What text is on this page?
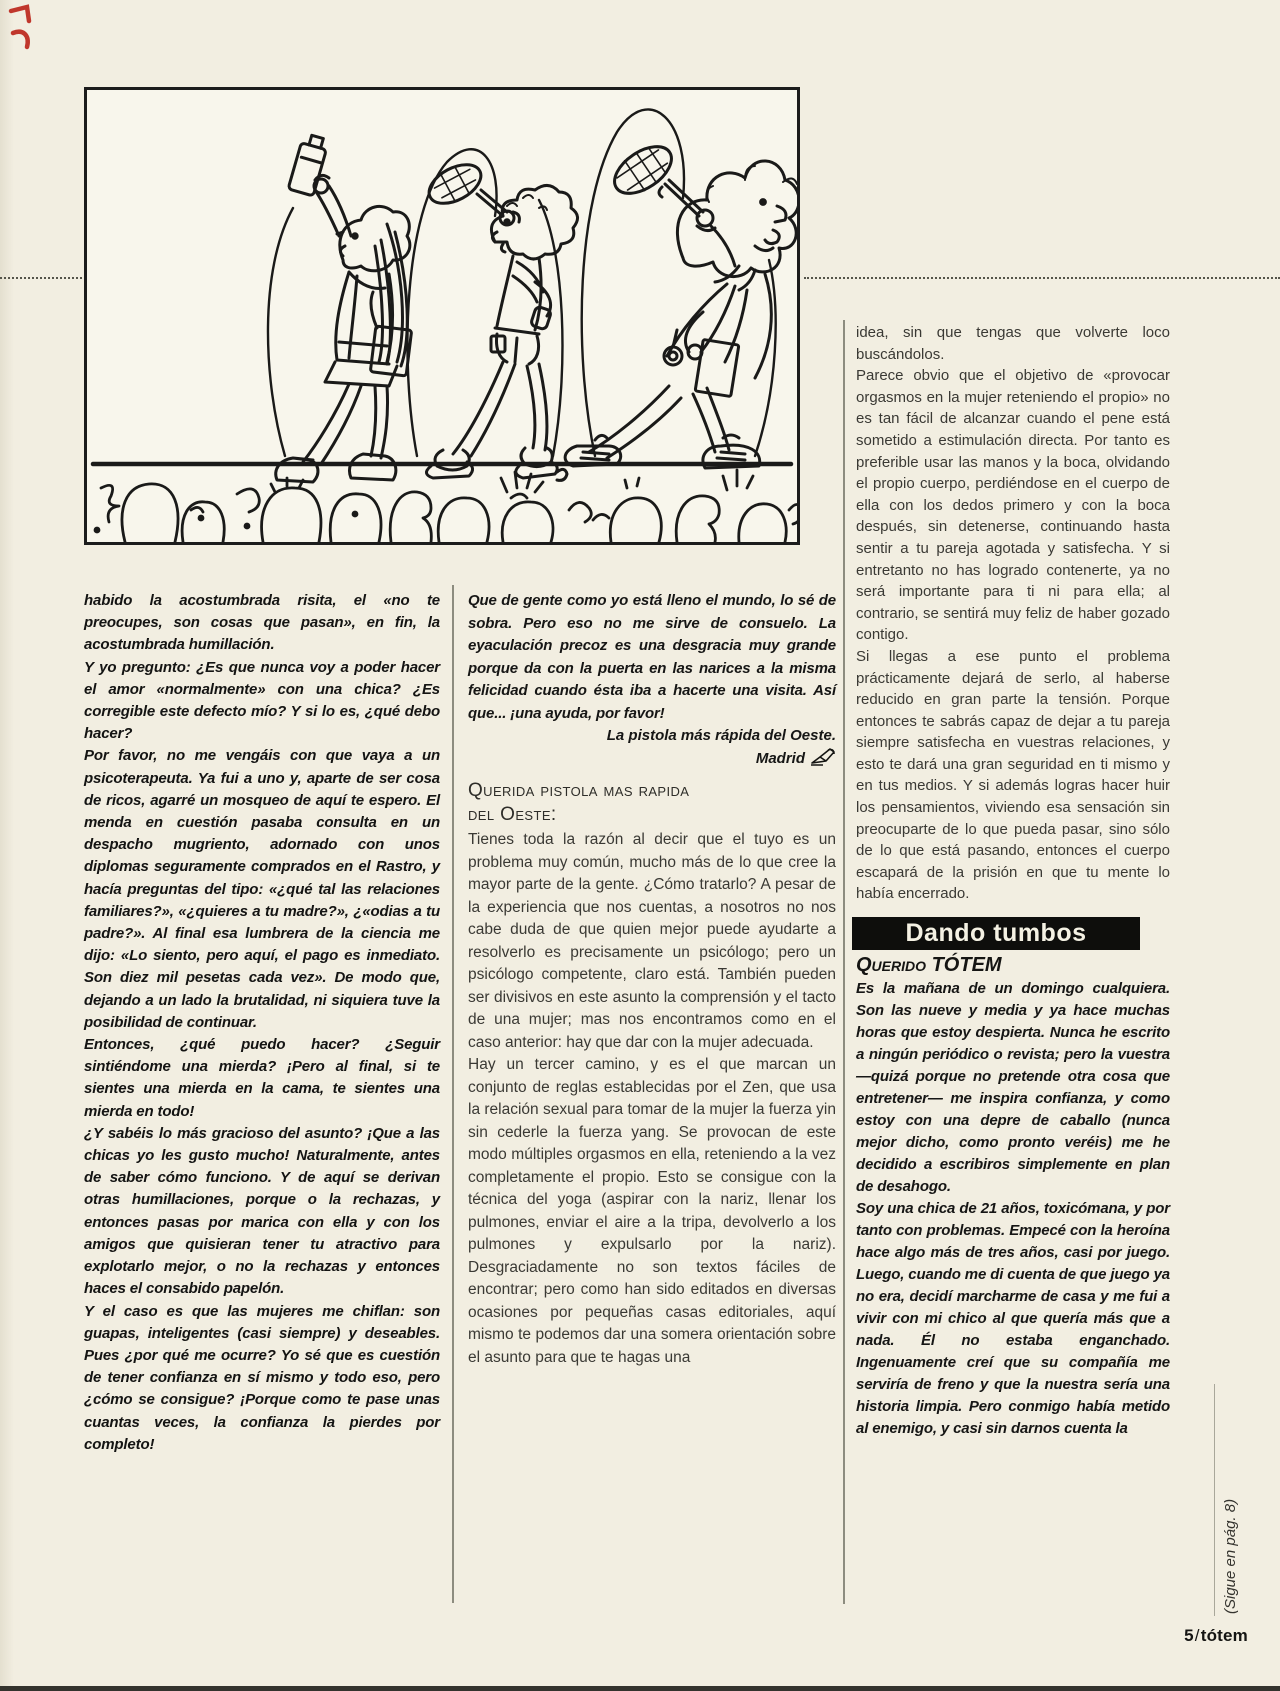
habido la acostumbrada risita, el «no te preocupes, son cosas que pasan», en fin, la acostumbrada humillación.

Y yo pregunto: ¿Es que nunca voy a poder hacer el amor «normalmente» con una chica? ¿Es corregible este defecto mío? Y si lo es, ¿qué debo hacer?

Por favor, no me vengáis con que vaya a un psicoterapeuta. Ya fui a uno y, aparte de ser cosa de ricos, agarré un mosqueo de aquí te espero. El menda en cuestión pasaba consulta en un despacho mugriento, adornado con unos diplomas seguramente comprados en el Rastro, y hacía preguntas del tipo: «¿qué tal las relaciones familiares?», «¿quieres a tu madre?», ¿«odias a tu padre?». Al final esa lumbrera de la ciencia me dijo: «Lo siento, pero aquí, el pago es inmediato. Son diez mil pesetas cada vez». De modo que, dejando a un lado la brutalidad, ni siquiera tuve la posibilidad de continuar.

Entonces, ¿qué puedo hacer? ¿Seguir sintiéndome una mierda? ¡Pero al final, si te sientes una mierda en la cama, te sientes una mierda en todo!

¿Y sabéis lo más gracioso del asunto? ¡Que a las chicas yo les gusto mucho! Naturalmente, antes de saber cómo funciono. Y de aquí se derivan otras humillaciones, porque o la rechazas, y entonces pasas por marica con ella y con los amigos que quisieran tener tu atractivo para explotarlo mejor, o no la rechazas y entonces haces el consabido papelón.

Y el caso es que las mujeres me chiflan: son guapas, inteligentes (casi siempre) y deseables. Pues ¿por qué me ocurre? Yo sé que es cuestión de tener confianza en sí mismo y todo eso, pero ¿cómo se consigue? ¡Porque como te pase unas cuantas veces, la confianza la pierdes por completo!

Que de gente como yo está lleno el mundo, lo sé de sobra. Pero eso no me sirve de consuelo. La eyaculación precoz es una desgracia muy grande porque da con la puerta en las narices a la misma felicidad cuando ésta iba a hacerte una visita. Así que... ¡una ayuda, por favor!

La pistola más rápida del Oeste.

Madrid

Querida pistola mas rapida
del Oeste:

Tienes toda la razón al decir que el tuyo es un problema muy común, mucho más de lo que cree la mayor parte de la gente. ¿Cómo tratarlo? A pesar de la experiencia que nos cuentas, a nosotros no nos cabe duda de que quien mejor puede ayudarte a resolverlo es precisamente un psicólogo; pero un psicólogo competente, claro está. También pueden ser divisivos en este asunto la comprensión y el tacto de una mujer; mas nos encontramos como en el caso anterior: hay que dar con la mujer adecuada.

Hay un tercer camino, y es el que marcan un conjunto de reglas establecidas por el Zen, que usa la relación sexual para tomar de la mujer la fuerza yin sin cederle la fuerza yang. Se provocan de este modo múltiples orgasmos en ella, reteniendo a la vez completamente el propio. Esto se consigue con la técnica del yoga (aspirar con la nariz, llenar los pulmones, enviar el aire a la tripa, devolverlo a los pulmones y expulsarlo por la nariz). Desgraciadamente no son textos fáciles de encontrar; pero como han sido editados en diversas ocasiones por pequeñas casas editoriales, aquí mismo te podemos dar una somera orientación sobre el asunto para que te hagas una

idea, sin que tengas que volverte loco buscándolos.

Parece obvio que el objetivo de «provocar orgasmos en la mujer reteniendo el propio» no es tan fácil de alcanzar cuando el pene está sometido a estimulación directa. Por tanto es preferible usar las manos y la boca, olvidando el propio cuerpo, perdiéndose en el cuerpo de ella con los dedos primero y con la boca después, sin detenerse, continuando hasta sentir a tu pareja agotada y satisfecha. Y si entretanto no has logrado contenerte, ya no será importante para ti ni para ella; al contrario, se sentirá muy feliz de haber gozado contigo.

Si llegas a ese punto el problema prácticamente dejará de serlo, al haberse reducido en gran parte la tensión. Porque entonces te sabrás capaz de dejar a tu pareja siempre satisfecha en vuestras relaciones, y esto te dará una gran seguridad en ti mismo y en tus medios. Y si además logras hacer huir los pensamientos, viviendo esa sensación sin preocuparte de lo que pueda pasar, sino sólo de lo que está pasando, entonces el cuerpo escapará de la prisión en que tu mente lo había encerrado.

Dando tumbos

Querido TÓTEM

Es la mañana de un domingo cualquiera. Son las nueve y media y ya hace muchas horas que estoy despierta. Nunca he escrito a ningún periódico o revista; pero la vuestra —quizá porque no pretende otra cosa que entretener— me inspira confianza, y como estoy con una depre de caballo (nunca mejor dicho, como pronto veréis) me he decidido a escribiros simplemente en plan de desahogo.

Soy una chica de 21 años, toxicómana, y por tanto con problemas. Empecé con la heroína hace algo más de tres años, casi por juego. Luego, cuando me di cuenta de que juego ya no era, decidí marcharme de casa y me fui a vivir con mi chico al que quería más que a nada. Él no estaba enganchado. Ingenuamente creí que su compañía me serviría de freno y que la nuestra sería una historia limpia. Pero conmigo había metido al enemigo, y casi sin darnos cuenta la

(Sigue en pág. 8)
5/tótem
